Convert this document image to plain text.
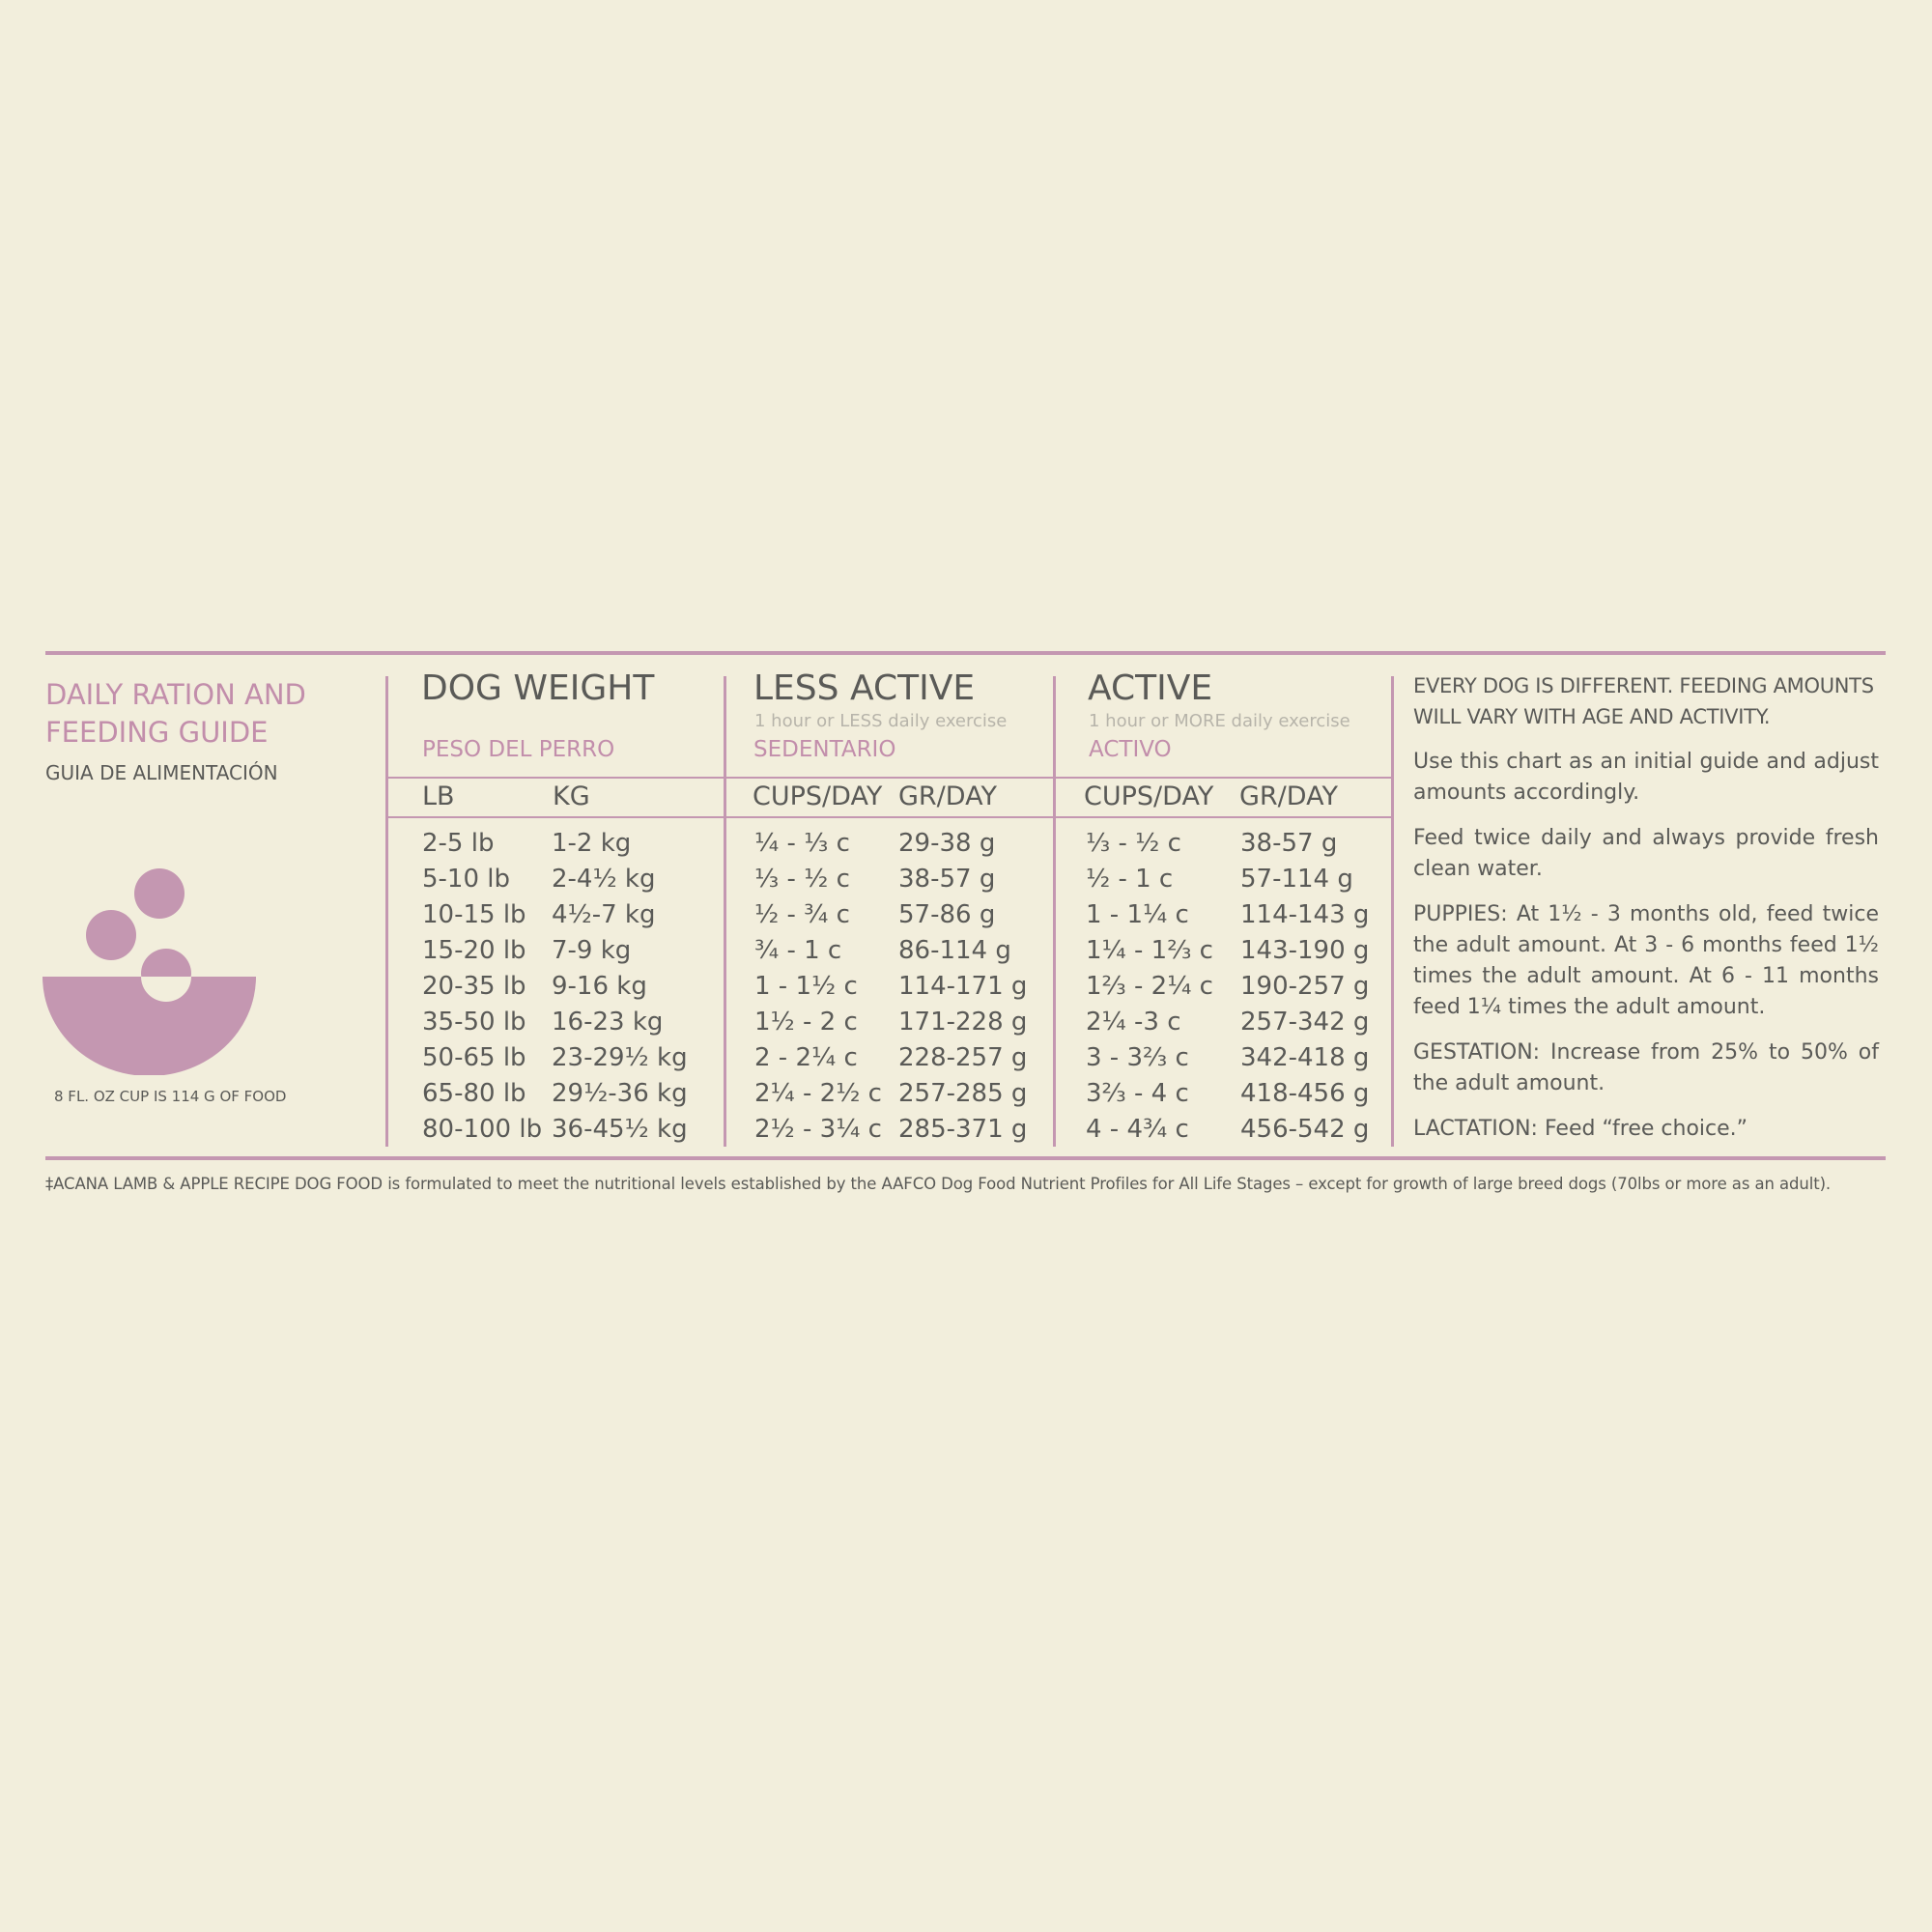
DAILY RATION AND FEEDING GUIDE
GUIA DE ALIMENTACIÓN
8 FL. OZ CUP IS 114 G OF FOOD
DOG WEIGHT
PESO DEL PERRO
LB	KG
2-5 lb
5-10 lb
10-15 lb
15-20 lb
20-35 lb
35-50 lb
50-65 lb
65-80 lb
80-100 lb
1-2 kg
2-4½ kg
4½-7 kg
7-9 kg
9-16 kg
16-23 kg
23-29½ kg
29½-36 kg
36-45½ kg
LESS ACTIVE
1 hour or LESS daily exercise
SEDENTARIO
CUPS/DAY GR/DAY
¼ - ⅓ c
⅓ - ½ c
½ - ¾ c
¾ - 1 c
1 - 1½ c
1½ - 2 c
2 - 2¼ c
2¼ - 2½ c
2½ - 3¼ c
29-38 g
38-57 g
57-86 g
86-114 g
114-171 g
171-228 g
228-257 g
257-285 g
285-371 g
ACTIVE
1 hour or MORE daily exercise
ACTIVO
CUPS/DAY GR/DAY
⅓ - ½ c
½ - 1 c
1 - 1¼ c
1¼ - 1⅔ c
1⅔ - 2¼ c
2¼ -3 c
3 - 3⅔ c
3⅔ - 4 c
4 - 4¾ c
38-57 g
57-114 g
114-143 g
143-190 g
190-257 g
257-342 g
342-418 g
418-456 g
456-542 g

EVERY DOG IS DIFFERENT. FEEDING AMOUNTS WILL VARY WITH AGE AND ACTIVITY.

Use this chart as an initial guide and adjust amounts accordingly.

Feed twice daily and always provide fresh clean water.

PUPPIES: At 1½ - 3 months old, feed twice the adult amount. At 3 - 6 months feed 1½ times the adult amount. At 6 - 11 months feed 1¼ times the adult amount.

GESTATION: Increase from 25% to 50% of the adult amount.

LACTATION: Feed “free choice.”

‡ACANA LAMB & APPLE RECIPE DOG FOOD is formulated to meet the nutritional levels established by the AAFCO Dog Food Nutrient Profiles for All Life Stages – except for growth of large breed dogs (70lbs or more as an adult).
